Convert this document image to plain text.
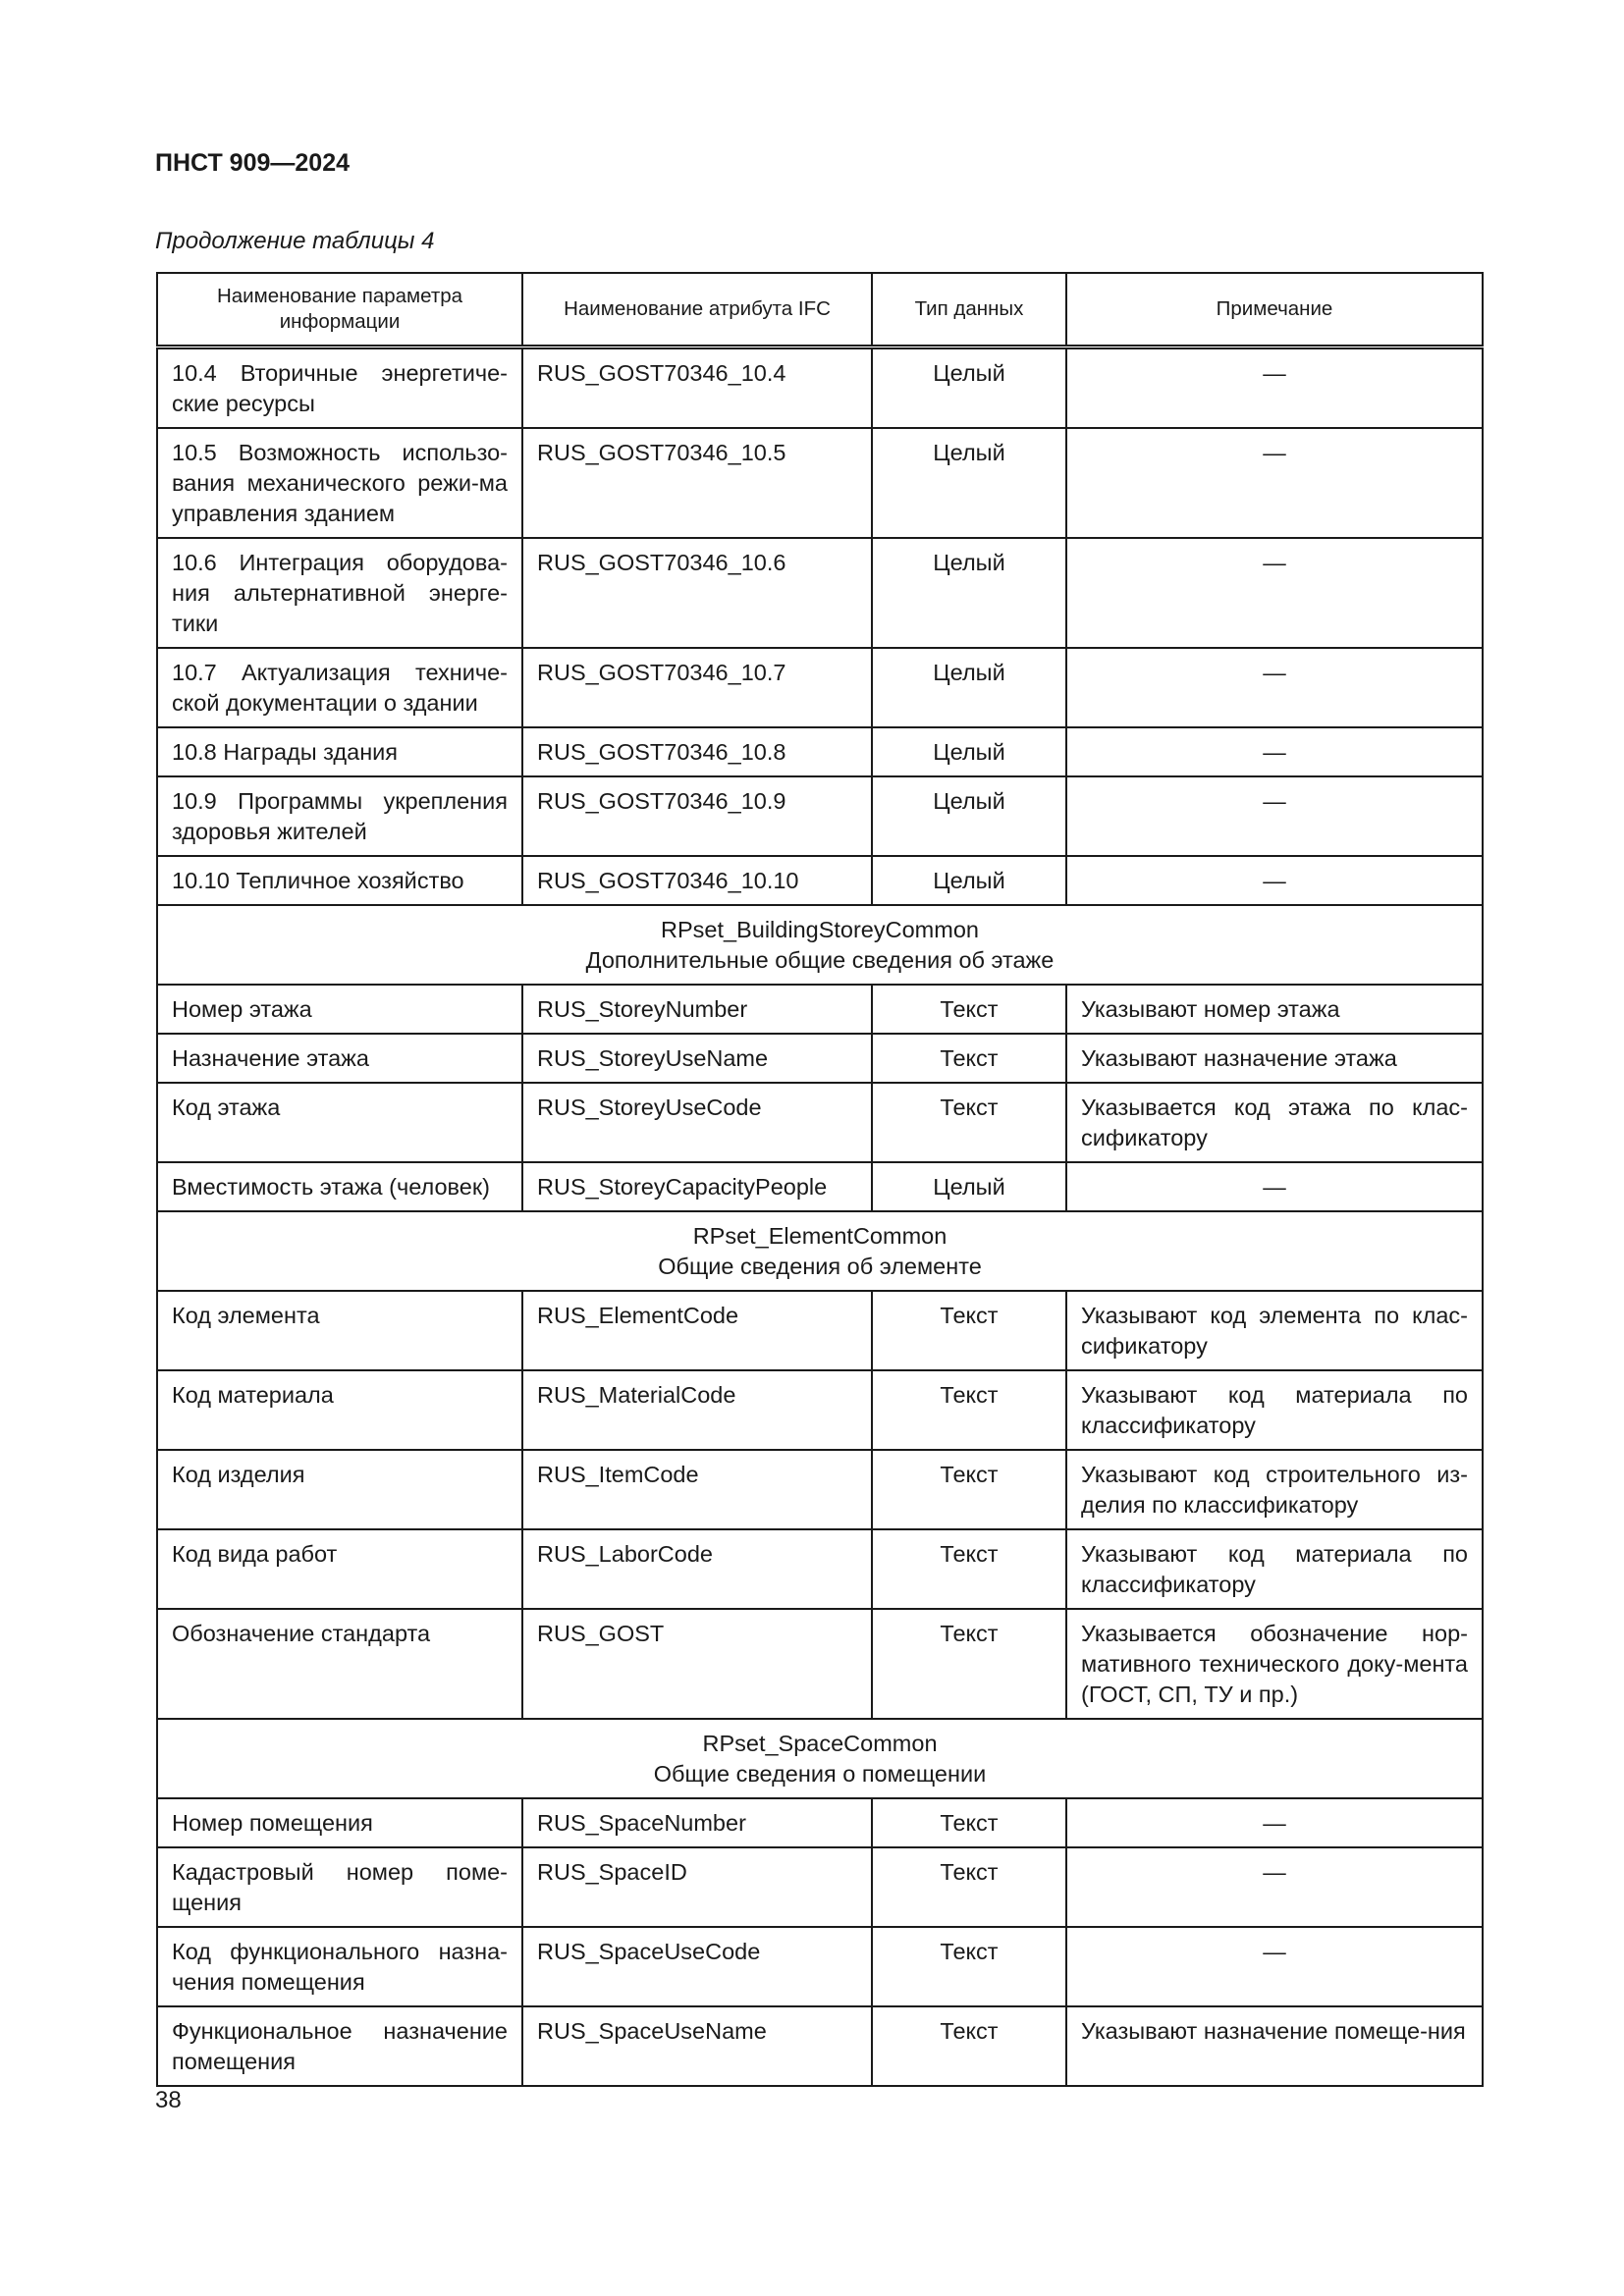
ПНСТ 909—2024

Продолжение таблицы 4

Наименование параметра информации	Наименование атрибута IFC	Тип данных	Примечание
10.4 Вторичные энергетиче-ские ресурсы	RUS_GOST70346_10.4	Целый	—
10.5 Возможность использо-вания механического режи-ма управления зданием	RUS_GOST70346_10.5	Целый	—
10.6 Интеграция оборудова-ния альтернативной энерге-тики	RUS_GOST70346_10.6	Целый	—
10.7 Актуализация техниче-ской документации о здании	RUS_GOST70346_10.7	Целый	—
10.8 Награды здания	RUS_GOST70346_10.8	Целый	—
10.9 Программы укрепления здоровья жителей	RUS_GOST70346_10.9	Целый	—
10.10 Тепличное хозяйство	RUS_GOST70346_10.10	Целый	—

RPset_BuildingStoreyCommon
Дополнительные общие сведения об этаже			

Номер этажа	RUS_StoreyNumber	Текст	Указывают номер этажа
Назначение этажа	RUS_StoreyUseName	Текст	Указывают назначение этажа
Код этажа	RUS_StoreyUseCode	Текст	Указывается код этажа по клас-сификатору
Вместимость этажа (человек)	RUS_StoreyCapacityPeople	Целый	—

RPset_ElementCommon
Общие сведения об элементе			

Код элемента	RUS_ElementCode	Текст	Указывают код элемента по клас-сификатору
Код материала	RUS_MaterialCode	Текст	Указывают код материала по классификатору
Код изделия	RUS_ItemCode	Текст	Указывают код строительного из-делия по классификатору
Код вида работ	RUS_LaborCode	Текст	Указывают код материала по классификатору
Обозначение стандарта	RUS_GOST	Текст	Указывается обозначение нор-мативного технического доку-мента (ГОСТ, СП, ТУ и пр.)

RPset_SpaceCommon
Общие сведения о помещении			

Номер помещения	RUS_SpaceNumber	Текст	—
Кадастровый номер поме-щения	RUS_SpaceID	Текст	—
Код функционального назна-чения помещения	RUS_SpaceUseCode	Текст	—
Функциональное назначение помещения	RUS_SpaceUseName	Текст	Указывают назначение помеще-ния

38
